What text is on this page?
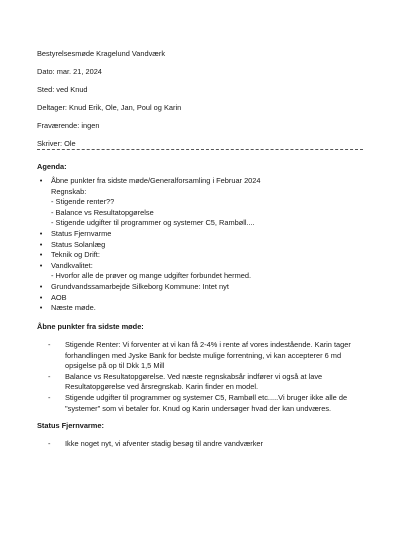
Bestyrelsesmøde Kragelund Vandværk
Dato: mar. 21, 2024
Sted: ved Knud
Deltager: Knud Erik, Ole, Jan, Poul og Karin
Fraværende: ingen
Skriver: Ole
Agenda:
•	Åbne punkter fra sidste møde/Generalforsamling i Februar 2024
Regnskab:
- Stigende renter??
- Balance vs Resultatopgørelse
- Stigende udgifter til programmer og systemer C5, Rambøll....
•	Status Fjernvarme
•	Status Solanlæg
•	Teknik og Drift:
•	Vandkvalitet:
- Hvorfor alle de prøver og mange udgifter forbundet hermed.
•	Grundvandssamarbejde Silkeborg Kommune: Intet nyt
•	AOB
•	Næste møde.
Åbne punkter fra sidste møde:
- Stigende Renter: Vi forventer at vi kan få 2-4% i rente af vores indestående. Karin tager forhandlingen med Jyske Bank for bedste mulige forrentning, vi kan accepterer 6 md opsigelse på op til Dkk 1,5 Mill
- Balance vs Resultatopgørelse. Ved næste regnskabsår indfører vi også at lave Resultatopgørelse ved årsregnskab. Karin finder en model.
- Stigende udgifter til programmer og systemer C5, Rambøll etc.....Vi bruger ikke alle de "systemer" som vi betaler for. Knud og Karin undersøger hvad der kan undværes.
Status Fjernvarme:
- Ikke noget nyt, vi afventer stadig besøg til andre vandværker
